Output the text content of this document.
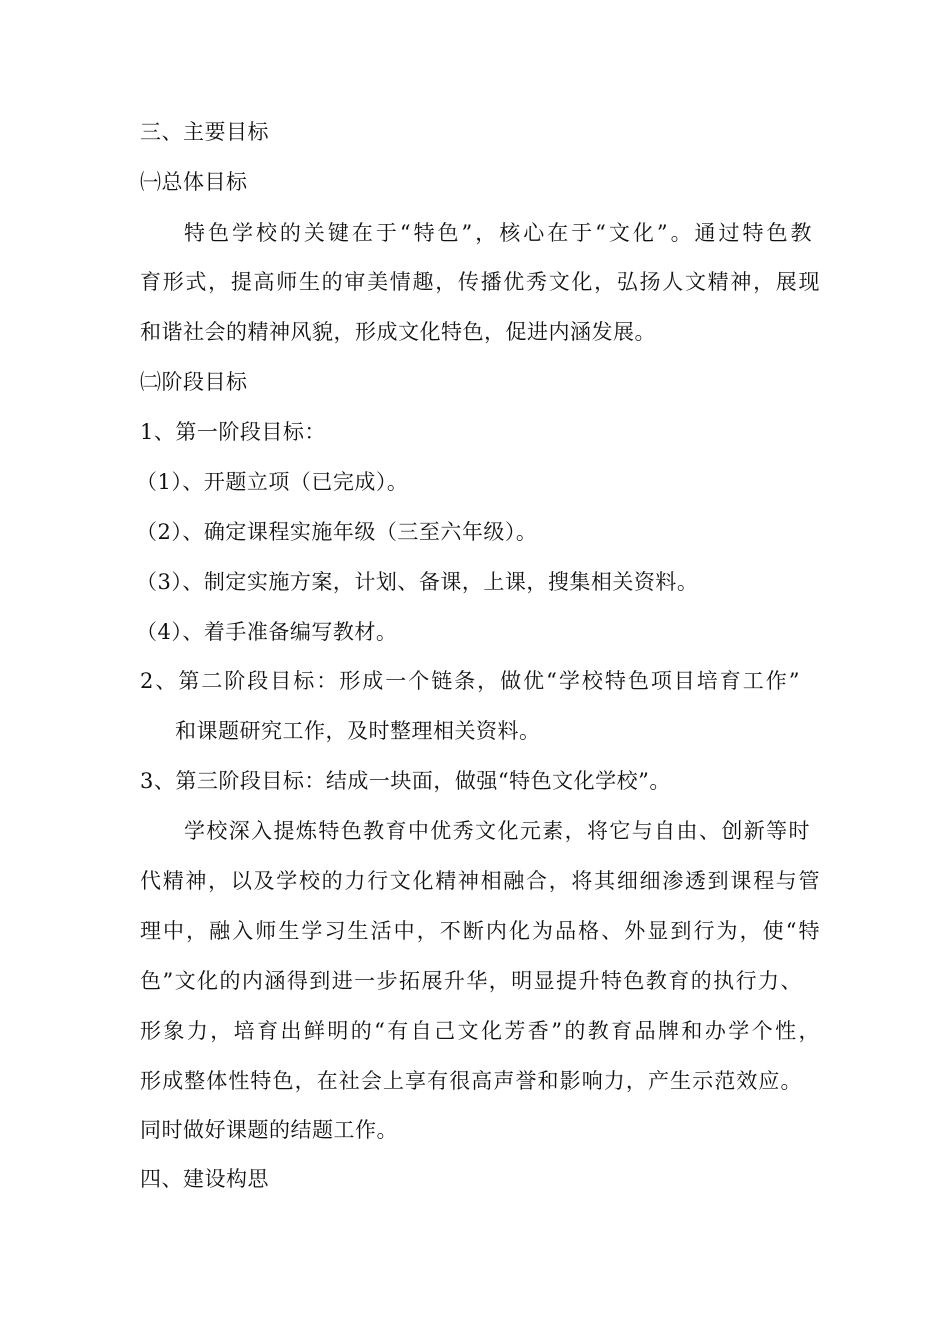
三、主要目标
㈠总体目标
特色学校的关键在于“特色”，核心在于“文化”。通过特色教
育形式，提高师生的审美情趣，传播优秀文化，弘扬人文精神，展现
和谐社会的精神风貌，形成文化特色，促进内涵发展。
㈡阶段目标
1、第一阶段目标：
（1）、开题立项（已完成）。
（2）、确定课程实施年级（三至六年级）。
（3）、制定实施方案，计划、备课，上课，搜集相关资料。
（4）、着手准备编写教材。
2、第二阶段目标：形成一个链条，做优“学校特色项目培育工作”
和课题研究工作，及时整理相关资料。
3、第三阶段目标：结成一块面，做强“特色文化学校”。
学校深入提炼特色教育中优秀文化元素，将它与自由、创新等时
代精神，以及学校的力行文化精神相融合，将其细细渗透到课程与管
理中，融入师生学习生活中，不断内化为品格、外显到行为，使“特
色”文化的内涵得到进一步拓展升华，明显提升特色教育的执行力、
形象力，培育出鲜明的“有自己文化芳香”的教育品牌和办学个性，
形成整体性特色，在社会上享有很高声誉和影响力，产生示范效应。
同时做好课题的结题工作。
四、建设构思
